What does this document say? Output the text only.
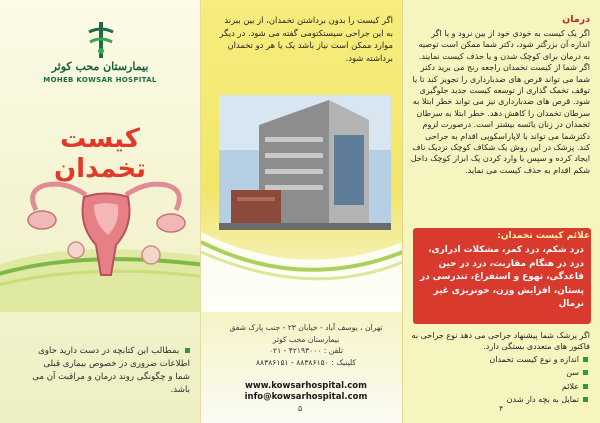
بیمارستان محب کوثر
MOHEB KOWSAR HOSPITAL
کیست تخمدان
بمطالب این کتابچه در دست دارید حاوی اطلاعات ضروری در خصوص بیماری قبلی شما و چگونگی روند درمان و مراقبت آن می باشد.
اگر کیست را بدون برداشتن تخمدان، از بین ببرند به این جراحی سیستکتومی گفته می شود. در دیگر موارد ممکن است نیاز باشد یک یا هر دو تخمدان برداشته شود.
تهران ، یوسف آباد - خیابان ۲۳ - جنب پارک شفق
بیمارستان محب کوثر
تلفن : ۴۲۱۹۳۰۰۰ - ۰۲۱
کلینیک : ۸۸۳۸۶۱۵۰ - ۸۸۳۸۶۱۵۱
www.kowsarhospital.com
info@kowsarhospital.com
۵
درمان
اگر یک کیست به خودی خود از بین نرود و یا اگر اندازه آن بزرگتر شود، دکتر شما ممکن است توصیه به درمان برای کوچک شدن و یا حذف کیست نمایند. اگر شما از کیست تخمدان راجعه رنج می برید دکتر شما می تواند قرص های ضدبارداری را تجویز کند تا یا توقف تخمک گذاری از توسعه کیست جدید جلوگیری شود. قرص های ضدبارداری نیز می تواند خطر ابتلا به سرطان تخمدان را کاهش دهد. خطر ابتلا به سرطان تخمدان در زنان یائسه بیشتر است. درصورت لزوم دکترشما می تواند با لاپاراسکوپی اقدام به جراحی کند. پزشک در این روش یک شکاف کوچک نزدیک ناف ایجاد کرده و سپس با وارد کردن یک ابزار کوچک داخل شکم اقدام به حذف کیست می نماید.
علائم کیست تخمدان:
درد شکم، درد کمر، مشکلات ادراری، درد در هنگام مقاربت، درد در حین قاعدگی، تهوع و استفراغ، تندرسی در پستان، افزایش وزن، خونریزی غیر نرمال
اگر پزشک شما پیشنهاد جراحی می دهد نوع جراحی به فاکتور های متعددی بستگی دارد.
اندازه و نوع کیست تخمدان
سن
علائم
تمایل به بچه دار شدن
۴
